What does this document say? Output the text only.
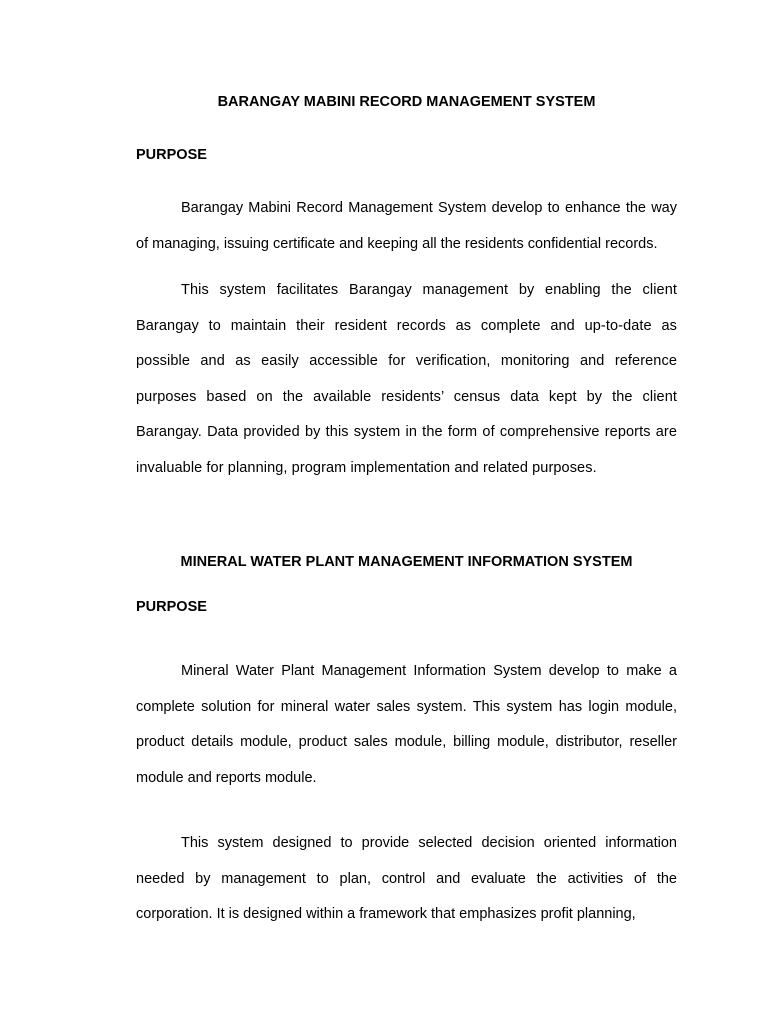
BARANGAY MABINI RECORD MANAGEMENT SYSTEM
PURPOSE
Barangay Mabini Record Management System develop to enhance the way of managing, issuing certificate and keeping all the residents confidential records.
This system facilitates Barangay management by enabling the client Barangay to maintain their resident records as complete and up-to-date as possible and as easily accessible for verification, monitoring and reference purposes based on the available residents’ census data kept by the client Barangay. Data provided by this system in the form of comprehensive reports are invaluable for planning, program implementation and related purposes.
MINERAL WATER PLANT MANAGEMENT INFORMATION SYSTEM
PURPOSE
Mineral Water Plant Management Information System develop to make a complete solution for mineral water sales system. This system has login module, product details module, product sales module, billing module, distributor, reseller module and reports module.
This system designed to provide selected decision oriented information needed by management to plan, control and evaluate the activities of the corporation. It is designed within a framework that emphasizes profit planning,
